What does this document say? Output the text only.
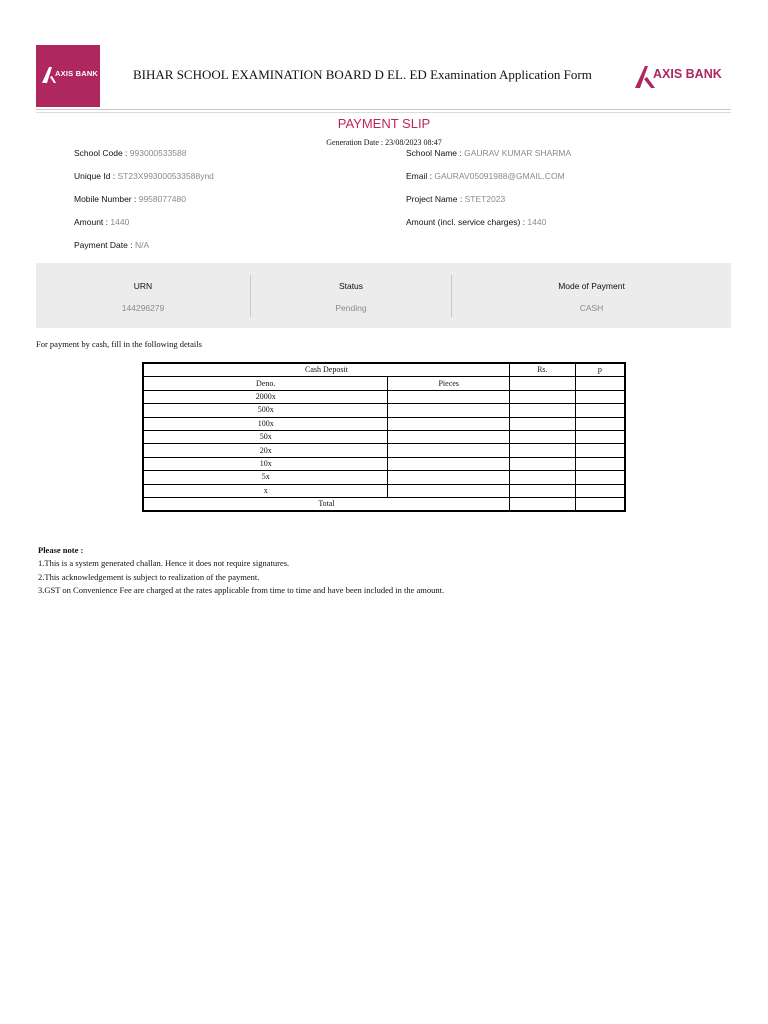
AXIS BANK	BIHAR SCHOOL EXAMINATION BOARD D EL. ED Examination Application Form	AXIS BANK
PAYMENT SLIP
Generation Date : 23/08/2023 08:47
School Code : 993000533588	School Name : GAURAV KUMAR SHARMA
Unique Id : ST23X993000533588ynd	Email : GAURAV05091988@GMAIL.COM
Mobile Number : 9958077480	Project Name : STET2023
Amount : 1440	Amount (incl. service charges) : 1440
Payment Date : N/A
URN
144296279
Status
Pending
Mode of Payment
CASH
For payment by cash, fill in the following details
Cash Deposit		Rs.	p
Deno.	Pieces		
2000x			
500x			
100x			
50x			
20x			
10x			
5x			
x			
Total			
Please note :
1.This is a system generated challan. Hence it does not require signatures.
2.This acknowledgement is subject to realization of the payment.
3.GST on Convenience Fee are charged at the rates applicable from time to time and have been included in the amount.
